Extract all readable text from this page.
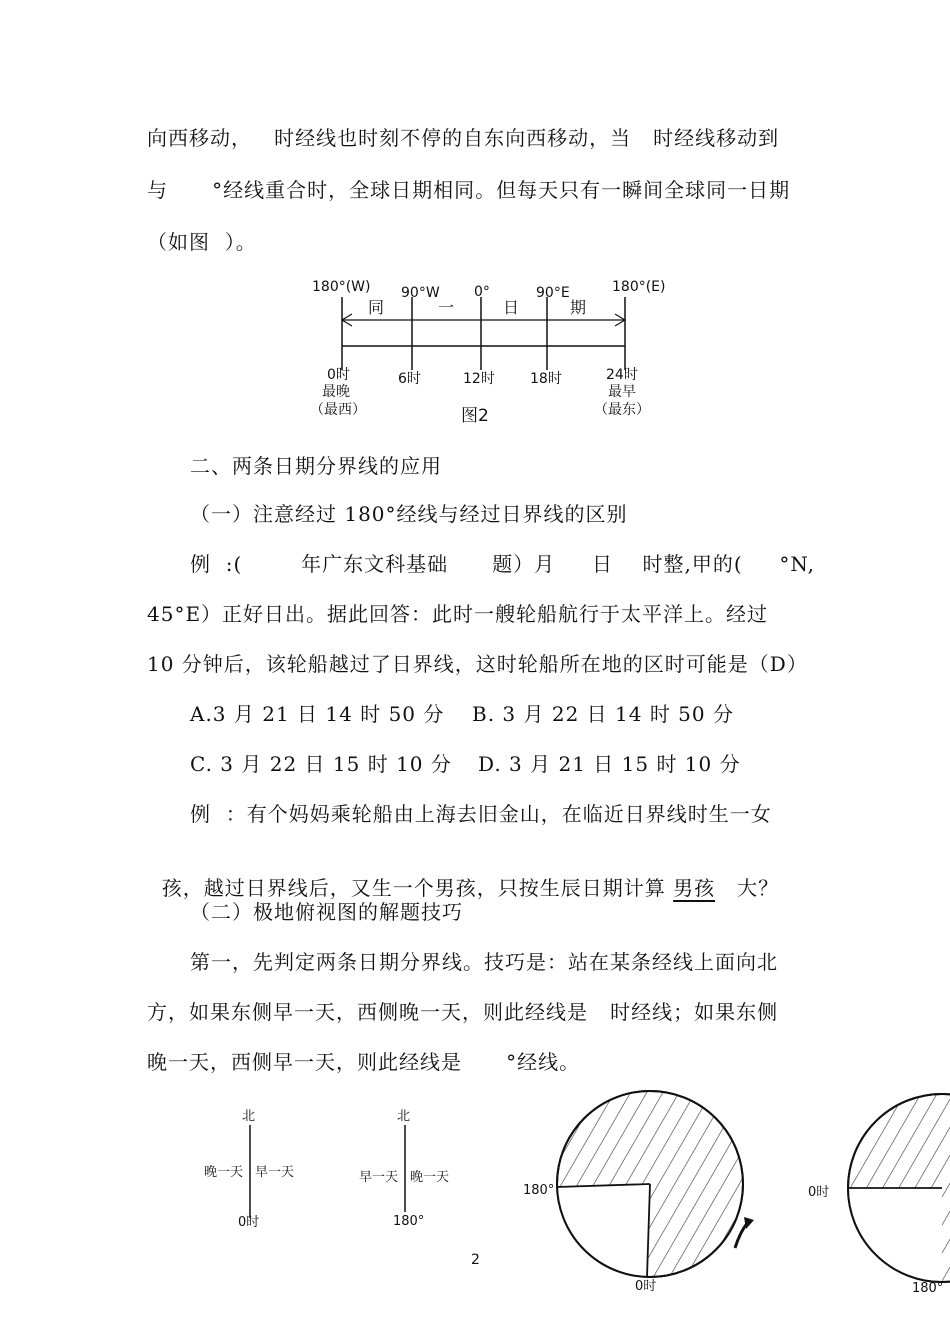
向西移动，   时经线也时刻不停的自东向西移动，当   时经线移动到
与      °经线重合时，全球日期相同。但每天只有一瞬间全球同一日期
（如图  ）。
180°(W) 90°W 0°	90°E	180°(E)
同	一	日	期
0时
最晚
（最西）
6时	12时	18时	24时
最早
（最东）
图2
二、两条日期分界线的应用
（一）注意经过 180°经线与经过日界线的区别
例  :(        年广东文科基础      题）月     日    时整,甲的(     °N,
45°E）正好日出。据此回答：此时一艘轮船航行于太平洋上。经过
10 分钟后，该轮船越过了日界线，这时轮船所在地的区时可能是（D）
A.3 月 21 日 14 时 50 分 B. 3 月 22 日 14 时 50 分
C. 3 月 22 日 15 时 10 分 D. 3 月 21 日 15 时 10 分
例  ：有个妈妈乘轮船由上海去旧金山，在临近日界线时生一女

孩，越过日界线后，又生一个男孩，只按生辰日期计算 男孩   大？

（二）极地俯视图的解题技巧
第一，先判定两条日期分界线。技巧是：站在某条经线上面向北
方，如果东侧早一天，西侧晚一天，则此经线是   时经线；如果东侧
晚一天，西侧早一天，则此经线是      °经线。
北
晚一天 早一天
0时
北
早一天 晚一天
180°
180°
0时
0时
180°
2
